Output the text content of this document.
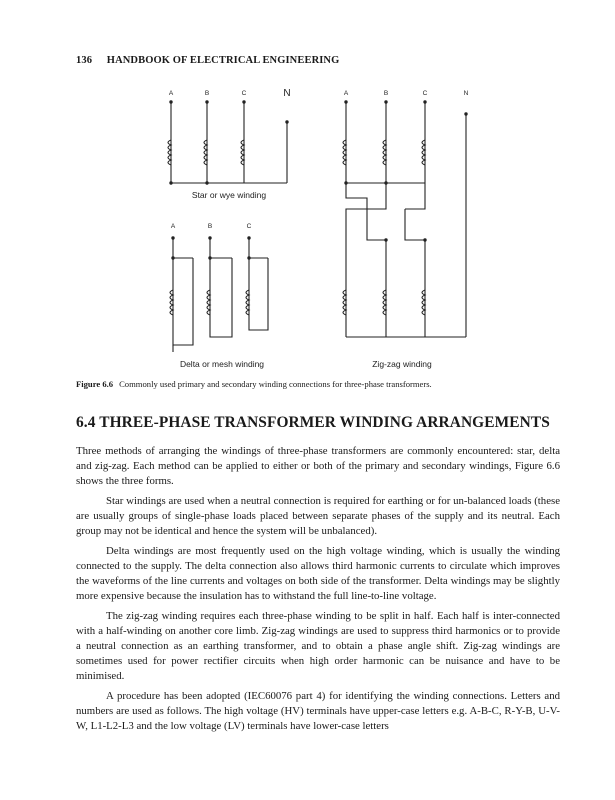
136 HANDBOOK OF ELECTRICAL ENGINEERING
A	B	C	N
Star or wye winding
A	B	C	N
Zig-zag winding
A	B	C
Delta or mesh winding
Figure 6.6 Commonly used primary and secondary winding connections for three-phase transformers.
6.4 THREE-PHASE TRANSFORMER WINDING ARRANGEMENTS

Three methods of arranging the windings of three-phase transformers are commonly encountered: star, delta and zig-zag. Each method can be applied to either or both of the primary and secondary windings, Figure 6.6 shows the three forms.

Star windings are used when a neutral connection is required for earthing or for un-balanced loads (these are usually groups of single-phase loads placed between separate phases of the supply and its neutral. Each group may not be identical and hence the system will be unbalanced).

Delta windings are most frequently used on the high voltage winding, which is usually the winding connected to the supply. The delta connection also allows third harmonic currents to circulate which improves the waveforms of the line currents and voltages on both side of the transformer. Delta windings may be slightly more expensive because the insulation has to withstand the full line-to-line voltage.

The zig-zag winding requires each three-phase winding to be split in half. Each half is inter-connected with a half-winding on another core limb. Zig-zag windings are used to suppress third harmonics or to provide a neutral connection as an earthing transformer, and to obtain a phase angle shift. Zig-zag windings are sometimes used for power rectifier circuits when high order harmonic can be nuisance and have to be minimised.

A procedure has been adopted (IEC60076 part 4) for identifying the winding connections. Letters and numbers are used as follows. The high voltage (HV) terminals have upper-case letters e.g. A-B-C, R-Y-B, U-V-W, L1-L2-L3 and the low voltage (LV) terminals have lower-case letters
